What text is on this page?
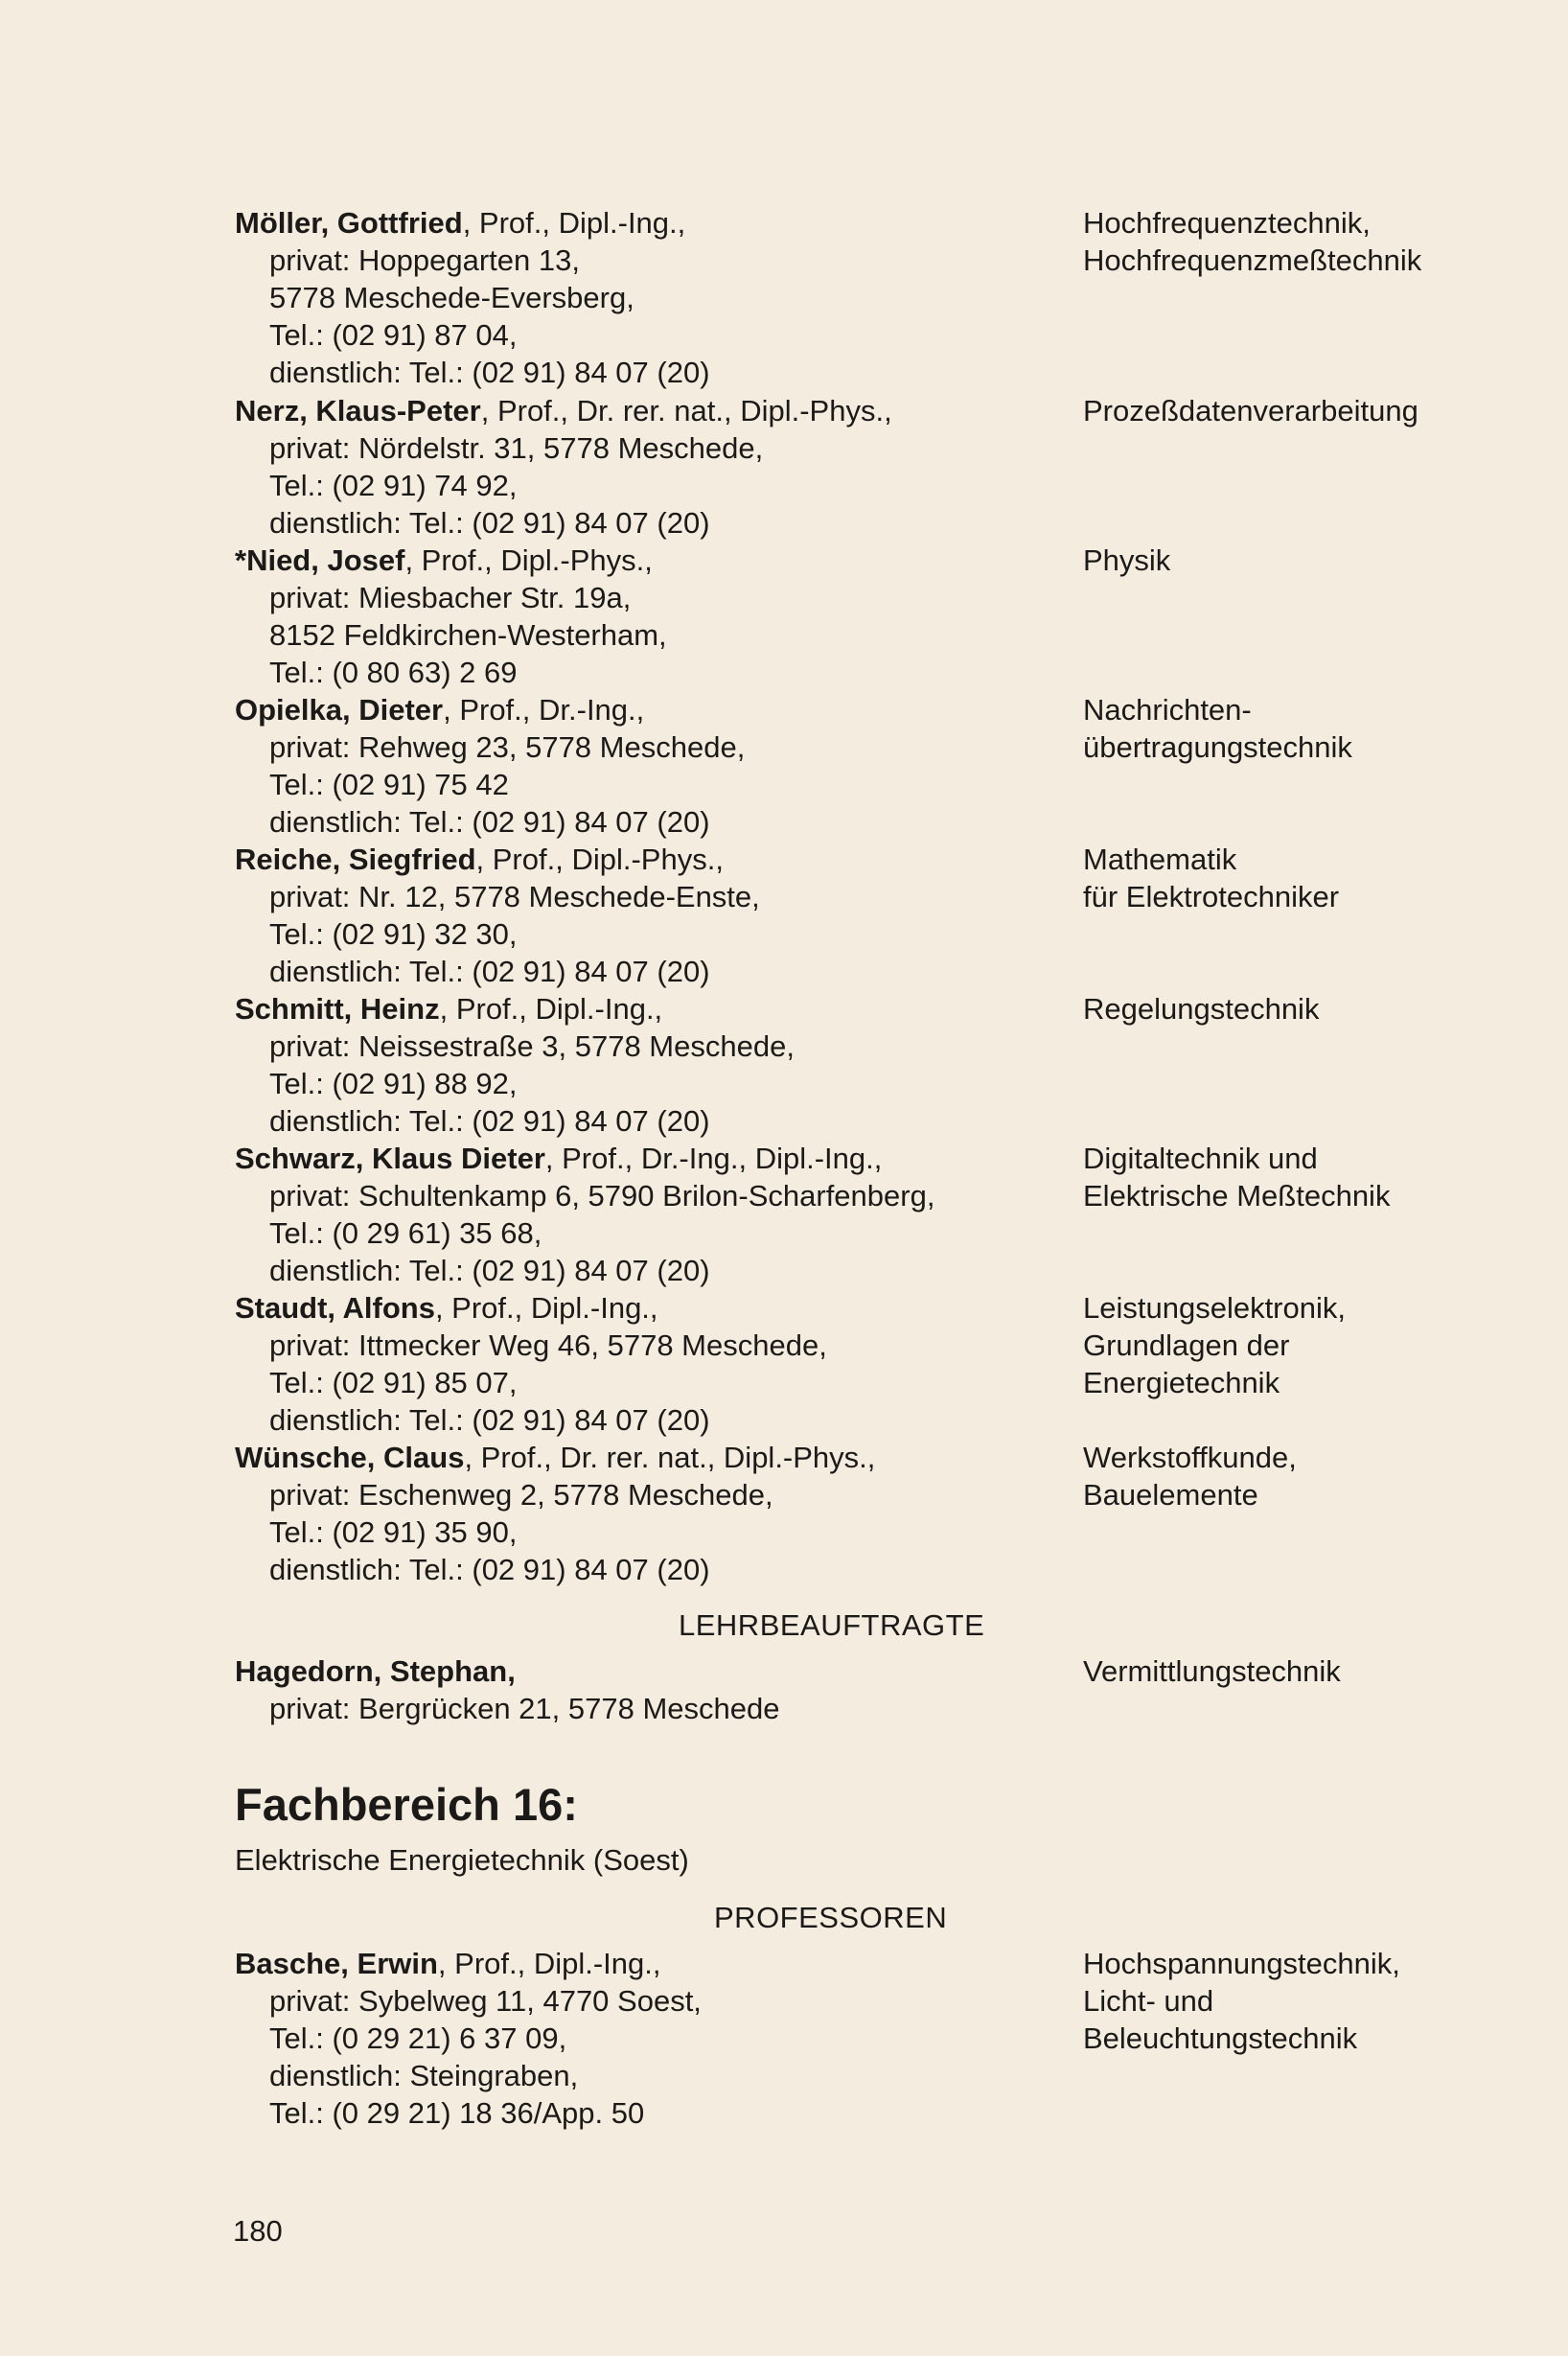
Möller, Gottfried, Prof., Dipl.-Ing.,
privat: Hoppegarten 13,
5778 Meschede-Eversberg,
Tel.: (02 91) 87 04,
dienstlich: Tel.: (02 91) 84 07 (20)
Hochfrequenztechnik,
Hochfrequenzmeßtechnik
Nerz, Klaus-Peter, Prof., Dr. rer. nat., Dipl.-Phys.,
privat: Nördelstr. 31, 5778 Meschede,
Tel.: (02 91) 74 92,
dienstlich: Tel.: (02 91) 84 07 (20)
Prozeßdatenverarbeitung
*Nied, Josef, Prof., Dipl.-Phys.,
privat: Miesbacher Str. 19a,
8152 Feldkirchen-Westerham,
Tel.: (0 80 63) 2 69
Physik
Opielka, Dieter, Prof., Dr.-Ing.,
privat: Rehweg 23, 5778 Meschede,
Tel.: (02 91) 75 42
dienstlich: Tel.: (02 91) 84 07 (20)
Nachrichten-
übertragungstechnik
Reiche, Siegfried, Prof., Dipl.-Phys.,
privat: Nr. 12, 5778 Meschede-Enste,
Tel.: (02 91) 32 30,
dienstlich: Tel.: (02 91) 84 07 (20)
Mathematik
für Elektrotechniker
Schmitt, Heinz, Prof., Dipl.-Ing.,
privat: Neissestraße 3, 5778 Meschede,
Tel.: (02 91) 88 92,
dienstlich: Tel.: (02 91) 84 07 (20)
Regelungstechnik
Schwarz, Klaus Dieter, Prof., Dr.-Ing., Dipl.-Ing.,
privat: Schultenkamp 6, 5790 Brilon-Scharfenberg,
Tel.: (0 29 61) 35 68,
dienstlich: Tel.: (02 91) 84 07 (20)
Digitaltechnik und
Elektrische Meßtechnik
Staudt, Alfons, Prof., Dipl.-Ing.,
privat: Ittmecker Weg 46, 5778 Meschede,
Tel.: (02 91) 85 07,
dienstlich: Tel.: (02 91) 84 07 (20)
Leistungselektronik,
Grundlagen der
Energietechnik
Wünsche, Claus, Prof., Dr. rer. nat., Dipl.-Phys.,
privat: Eschenweg 2, 5778 Meschede,
Tel.: (02 91) 35 90,
dienstlich: Tel.: (02 91) 84 07 (20)
Werkstoffkunde,
Bauelemente
LEHRBEAUFTRAGTE
Hagedorn, Stephan,
privat: Bergrücken 21, 5778 Meschede
Vermittlungstechnik
Fachbereich 16:
Elektrische Energietechnik (Soest)
PROFESSOREN
Basche, Erwin, Prof., Dipl.-Ing.,
privat: Sybelweg 11, 4770 Soest,
Tel.: (0 29 21) 6 37 09,
dienstlich: Steingraben,
Tel.: (0 29 21) 18 36/App. 50
Hochspannungstechnik,
Licht- und
Beleuchtungstechnik
180
